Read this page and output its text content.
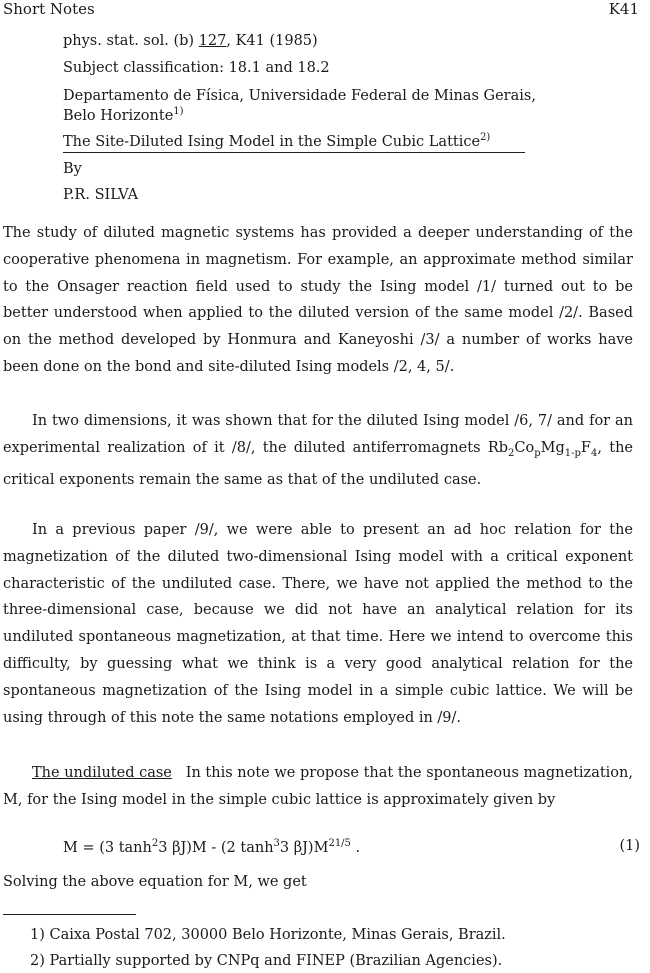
Short Notes	K41
phys. stat. sol. (b) 127, K41 (1985)
Subject classification: 18.1 and 18.2
Departamento de Física, Universidade Federal de Minas Gerais,
Belo Horizonte$^{1)}$
The Site-Diluted Ising Model in the Simple Cubic Lattice$^{2)}$
By
P.R. SILVA
The study of diluted magnetic systems has provided a deeper understanding of the cooperative phenomena in magnetism. For example, an approximate method similar to the Onsager reaction field used to study the Ising model /1/ turned out to be better understood when applied to the diluted version of the same model /2/. Based on the method developed by Honmura and Kaneyoshi /3/ a number of works have been done on the bond and site-diluted Ising models /2, 4, 5/.
In two dimensions, it was shown that for the diluted Ising model /6, 7/ and for an experimental realization of it /8/, the diluted antiferromagnets $Rb_2Co_pMg_{1-p}F_4$, the critical exponents remain the same as that of the undiluted case.
In a previous paper /9/, we were able to present an ad hoc relation for the magnetization of the diluted two-dimensional Ising model with a critical exponent characteristic of the undiluted case. There, we have not applied the method to the three-dimensional case, because we did not have an analytical relation for its undiluted spontaneous magnetization, at that time. Here we intend to overcome this difficulty, by guessing what we think is a very good analytical relation for the spontaneous magnetization of the Ising model in a simple cubic lattice. We will be using through of this note the same notations employed in /9/.
The undiluted case In this note we propose that the spontaneous magnetization, M, for the Ising model in the simple cubic lattice is approximately given by
M = (3 $\tanh^23$ βJ)M - (2 $\tanh^33$ $\beta J)M^{21/5}$ .	(1)
Solving the above equation for M, we get
1) Caixa Postal 702, 30000 Belo Horizonte, Minas Gerais, Brazil.
2) Partially supported by CNPq and FINEP (Brazilian Agencies).
